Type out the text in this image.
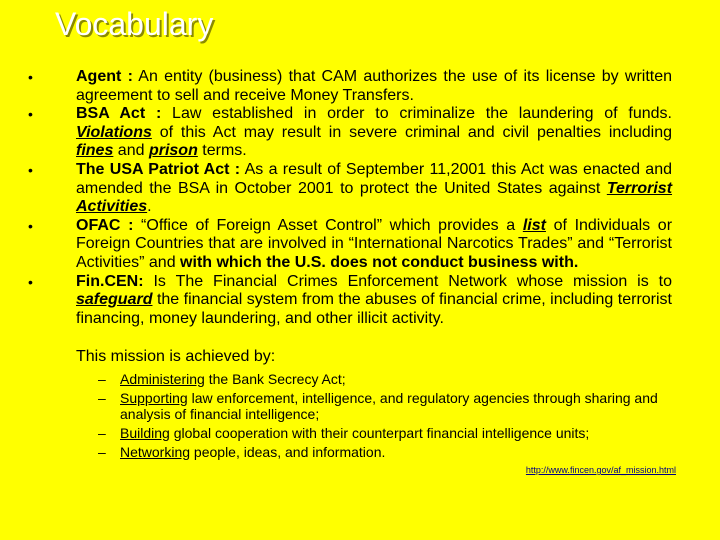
Vocabulary
•	Agent : An entity (business) that CAM authorizes the use of its license by written agreement to sell and receive Money Transfers.
•	BSA Act : Law established in order to criminalize the laundering of funds. Violations of this Act may result in severe criminal and civil penalties including fines and prison terms.
•	The USA Patriot Act : As a result of September 11,2001 this Act was enacted and amended the BSA in October 2001 to protect the United States against Terrorist Activities.
•	OFAC : “Office of Foreign Asset Control” which provides a list of Individuals or Foreign Countries that are involved in “International Narcotics Trades” and “Terrorist Activities” and with which the U.S. does not conduct business with.
•	Fin.CEN: Is The Financial Crimes Enforcement Network whose mission is to safeguard the financial system from the abuses of financial crime, including terrorist financing, money laundering, and other illicit activity.
This mission is achieved by:
– Administering the Bank Secrecy Act;
– Supporting law enforcement, intelligence, and regulatory agencies through sharing and analysis of financial intelligence;
– Building global cooperation with their counterpart financial intelligence units;
– Networking people, ideas, and information.
http://www.fincen.gov/af_mission.html
